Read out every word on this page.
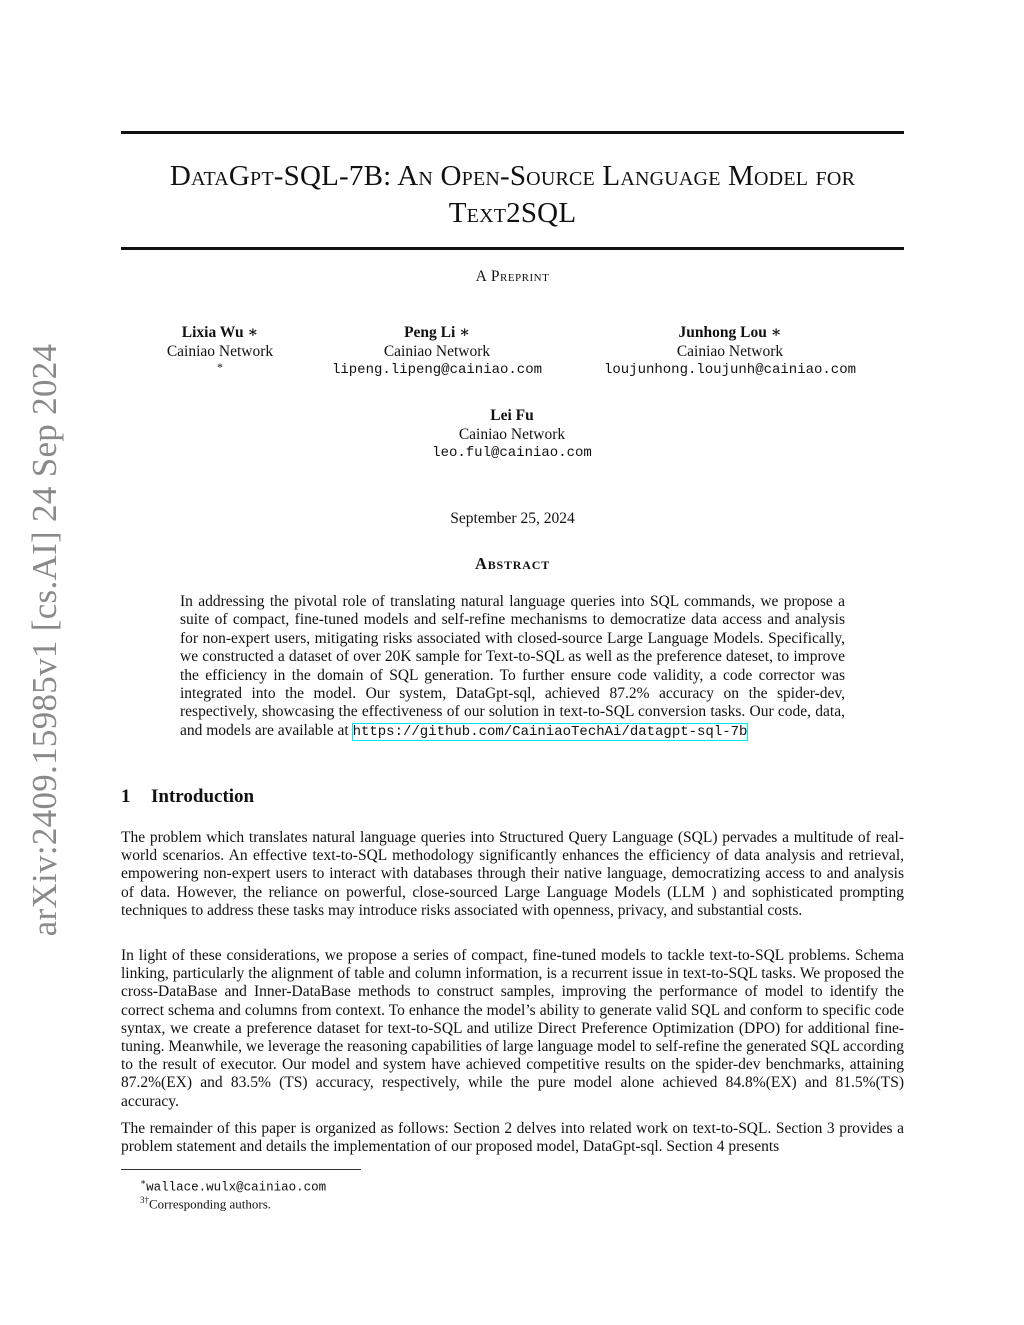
arXiv:2409.15985v1 [cs.AI] 24 Sep 2024
DataGpt-SQL-7B: An Open-Source Language Model for
Text2SQL
A Preprint
Lixia Wu ∗
Cainiao Network
*
Peng Li ∗
Cainiao Network
lipeng.lipeng@cainiao.com
Junhong Lou ∗
Cainiao Network
loujunhong.loujunh@cainiao.com
Lei Fu
Cainiao Network
leo.ful@cainiao.com
September 25, 2024
Abstract
In addressing the pivotal role of translating natural language queries into SQL commands, we propose a suite of compact, fine-tuned models and self-refine mechanisms to democratize data access and analysis for non-expert users, mitigating risks associated with closed-source Large Language Models. Specifically, we constructed a dataset of over 20K sample for Text-to-SQL as well as the preference dateset, to improve the efficiency in the domain of SQL generation. To further ensure code validity, a code corrector was integrated into the model. Our system, DataGpt-sql, achieved 87.2% accuracy on the spider-dev, respectively, showcasing the effectiveness of our solution in text-to-SQL conversion tasks. Our code, data, and models are available at https://github.com/CainiaoTechAi/datagpt-sql-7b
1 Introduction
The problem which translates natural language queries into Structured Query Language (SQL) pervades a multitude of real-world scenarios. An effective text-to-SQL methodology significantly enhances the efficiency of data analysis and retrieval, empowering non-expert users to interact with databases through their native language, democratizing access to and analysis of data. However, the reliance on powerful, close-sourced Large Language Models (LLM ) and sophisticated prompting techniques to address these tasks may introduce risks associated with openness, privacy, and substantial costs.
In light of these considerations, we propose a series of compact, fine-tuned models to tackle text-to-SQL problems. Schema linking, particularly the alignment of table and column information, is a recurrent issue in text-to-SQL tasks. We proposed the cross-DataBase and Inner-DataBase methods to construct samples, improving the performance of model to identify the correct schema and columns from context. To enhance the model’s ability to generate valid SQL and conform to specific code syntax, we create a preference dataset for text-to-SQL and utilize Direct Preference Optimization (DPO) for additional fine-tuning. Meanwhile, we leverage the reasoning capabilities of large language model to self-refine the generated SQL according to the result of executor. Our model and system have achieved competitive results on the spider-dev benchmarks, attaining 87.2%(EX) and 83.5% (TS) accuracy, respectively, while the pure model alone achieved 84.8%(EX) and 81.5%(TS) accuracy.
The remainder of this paper is organized as follows: Section 2 delves into related work on text-to-SQL. Section 3 provides a problem statement and details the implementation of our proposed model, DataGpt-sql. Section 4 presents
∗wallace.wulx@cainiao.com
$^{3\dagger}$Corresponding authors.
